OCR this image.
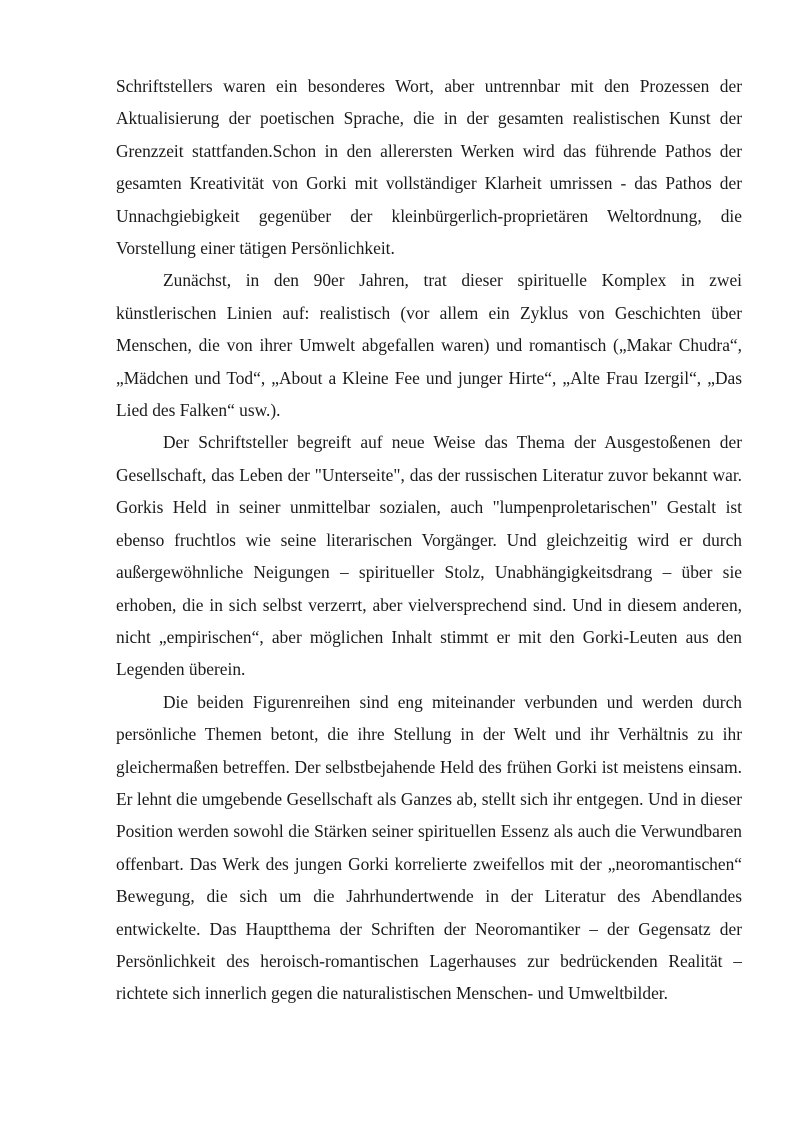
Schriftstellers waren ein besonderes Wort, aber untrennbar mit den Prozessen der Aktualisierung der poetischen Sprache, die in der gesamten realistischen Kunst der Grenzzeit stattfanden.Schon in den allerersten Werken wird das führende Pathos der gesamten Kreativität von Gorki mit vollständiger Klarheit umrissen - das Pathos der Unnachgiebigkeit gegenüber der kleinbürgerlich-proprietären Weltordnung, die Vorstellung einer tätigen Persönlichkeit.

Zunächst, in den 90er Jahren, trat dieser spirituelle Komplex in zwei künstlerischen Linien auf: realistisch (vor allem ein Zyklus von Geschichten über Menschen, die von ihrer Umwelt abgefallen waren) und romantisch („Makar Chudra“, „Mädchen und Tod“, „About a Kleine Fee und junger Hirte“, „Alte Frau Izergil“, „Das Lied des Falken“ usw.).

Der Schriftsteller begreift auf neue Weise das Thema der Ausgestoßenen der Gesellschaft, das Leben der "Unterseite", das der russischen Literatur zuvor bekannt war. Gorkis Held in seiner unmittelbar sozialen, auch "lumpenproletarischen" Gestalt ist ebenso fruchtlos wie seine literarischen Vorgänger. Und gleichzeitig wird er durch außergewöhnliche Neigungen – spiritueller Stolz, Unabhängigkeitsdrang – über sie erhoben, die in sich selbst verzerrt, aber vielversprechend sind. Und in diesem anderen, nicht „empirischen“, aber möglichen Inhalt stimmt er mit den Gorki-Leuten aus den Legenden überein.

Die beiden Figurenreihen sind eng miteinander verbunden und werden durch persönliche Themen betont, die ihre Stellung in der Welt und ihr Verhältnis zu ihr gleichermaßen betreffen. Der selbstbejahende Held des frühen Gorki ist meistens einsam. Er lehnt die umgebende Gesellschaft als Ganzes ab, stellt sich ihr entgegen. Und in dieser Position werden sowohl die Stärken seiner spirituellen Essenz als auch die Verwundbaren offenbart. Das Werk des jungen Gorki korrelierte zweifellos mit der „neoromantischen“ Bewegung, die sich um die Jahrhundertwende in der Literatur des Abendlandes entwickelte. Das Hauptthema der Schriften der Neoromantiker – der Gegensatz der Persönlichkeit des heroisch-romantischen Lagerhauses zur bedrückenden Realität – richtete sich innerlich gegen die naturalistischen Menschen- und Umweltbilder.
